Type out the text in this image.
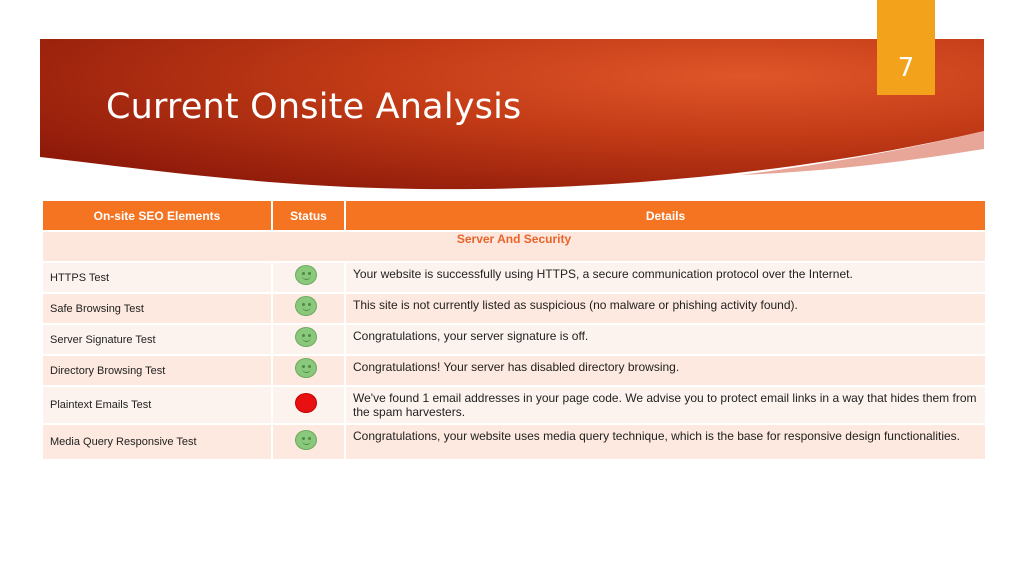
Current Onsite Analysis
7
On-site SEO Elements	Status	Details
Server And Security		
HTTPS Test		Your website is successfully using HTTPS, a secure communication protocol over the Internet.
Safe Browsing Test		This site is not currently listed as suspicious (no malware or phishing activity found).
Server Signature Test		Congratulations, your server signature is off.
Directory Browsing Test		Congratulations! Your server has disabled directory browsing.
Plaintext Emails Test		We've found 1 email addresses in your page code. We advise you to protect email links in a way that hides them from the spam harvesters.
Media Query Responsive Test		Congratulations, your website uses media query technique, which is the base for responsive design functionalities.
